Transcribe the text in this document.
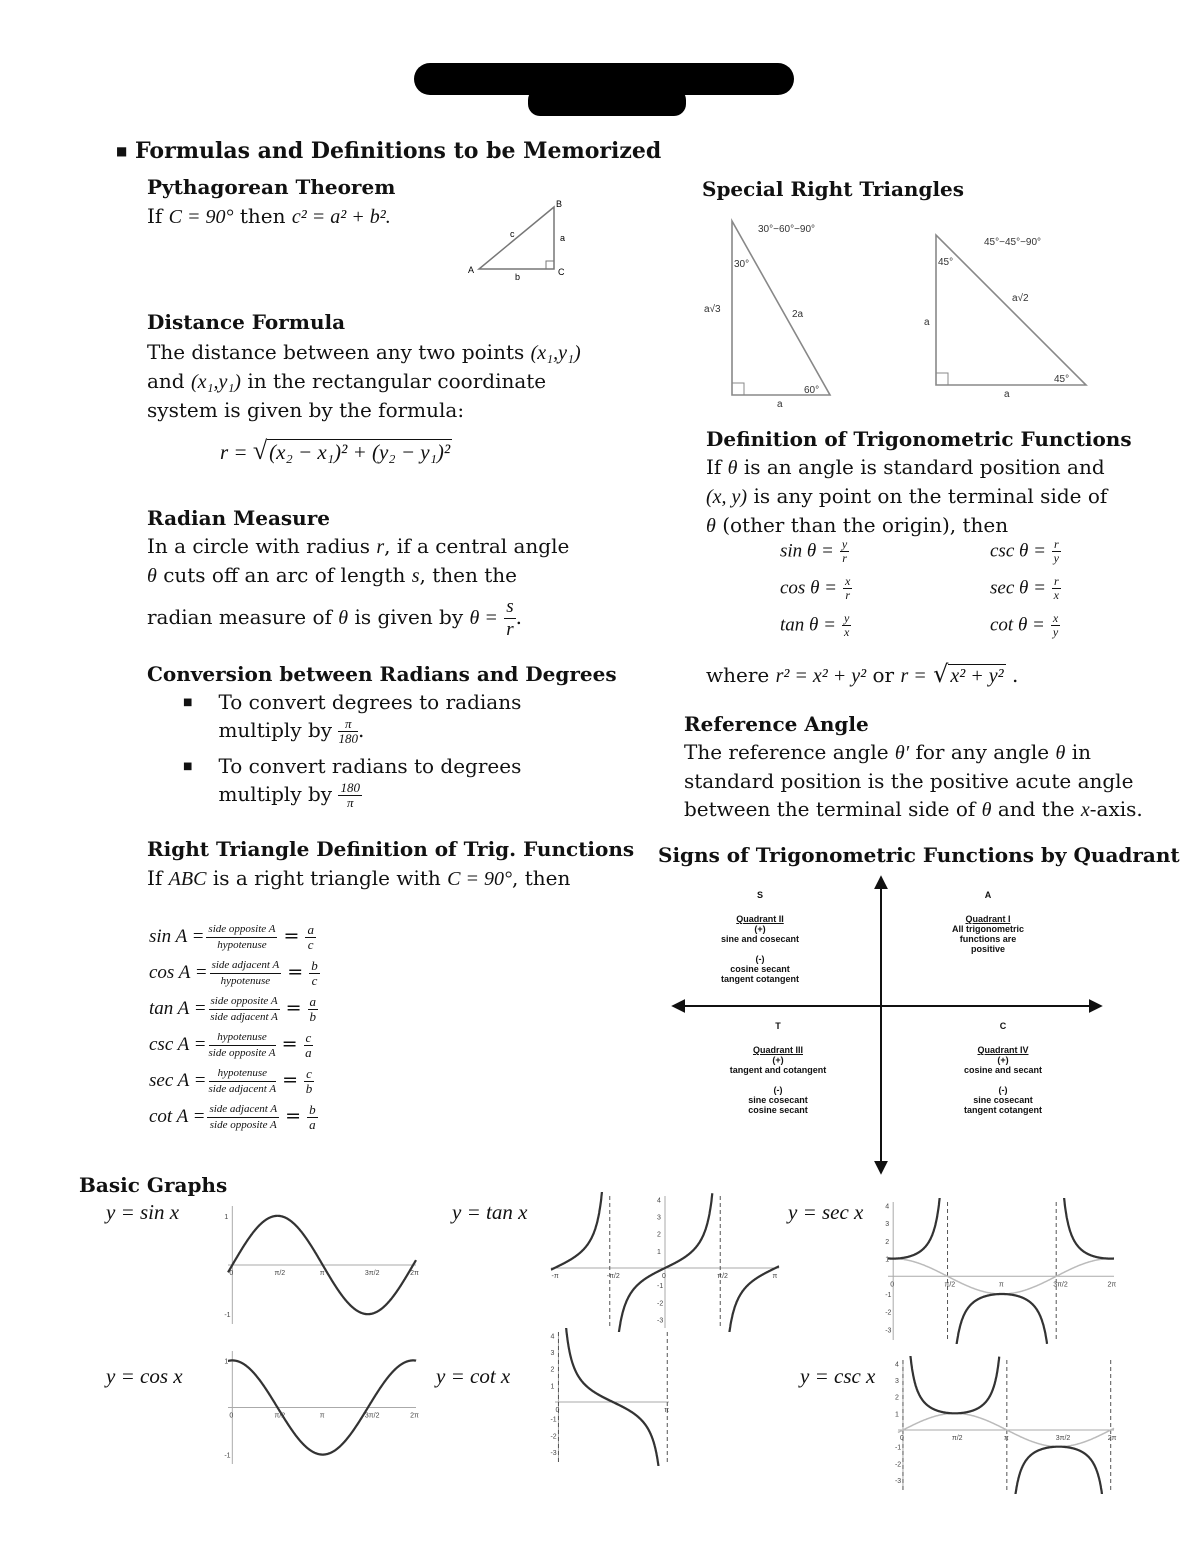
■ Formulas and Definitions to be Memorized
Pythagorean Theorem
If C = 90° then c² = a² + b².
A
B
C
a
b
c
Distance Formula
The distance between any two points (x₁,y₁)
and (x₁,y₁) in the rectangular coordinate
system is given by the formula:
r = √(x₂ − x₁)² + (y₂ − y₁)²
Radian Measure
In a circle with radius r, if a central angle
θ cuts off an arc of length s, then the
radian measure of θ is given by $\theta = \frac{s}{r}$ .
Conversion between Radians and Degrees
■ To convert degrees to radians
multiply by $\frac{\pi}{180}$ .
■ To convert radians to degrees
multiply by $\frac{180}{\pi}$
Right Triangle Definition of Trig. Functions
If ABC is a right triangle with C = 90°, then
$\sin A = \frac{\text{side opposite A}}{\text{hypotenuse}} = \frac{a}{c}$
$\cos A = \frac{\text{side adjacent A}}{\text{hypotenuse}} = \frac{b}{c}$
$\tan A = \frac{\text{side opposite A}}{\text{side adjacent A}} = \frac{a}{b}$
$\csc A = \frac{\text{hypotenuse}}{\text{side opposite A}} = \frac{c}{a}$
$\sec A = \frac{\text{hypotenuse}}{\text{side adjacent A}} = \frac{c}{b}$
$\cot A = \frac{\text{side adjacent A}}{\text{side opposite A}} = \frac{b}{a}$
Special Right Triangles
30°−60°−90°
30°
60°
a√3	2a
a
45°−45°−90°
45°
45°
a
a√2
a
Definition of Trigonometric Functions
If θ is an angle is standard position and
(x, y) is any point on the terminal side of
θ (other than the origin), then
$\sin \theta = \frac{y}{r}$	$\csc \theta = \frac{r}{y}$
$\cos \theta = \frac{x}{r}$	$\sec \theta = \frac{r}{x}$
$\tan \theta = \frac{y}{x}$	$\cot \theta = \frac{x}{y}$
where r² = x² + y² or r = √ x² + y² .
Reference Angle
The reference angle θ′ for any angle θ in
standard position is the positive acute angle
between the terminal side of θ and the x-axis.
Signs of Trigonometric Functions by Quadrant
S
Quadrant II
(+)
sine and cosecant
(-)
cosine secant
tangent cotangent
A
Quadrant I
All trigonometric
functions are
positive
T
Quadrant III
(+)
tangent and cotangent
(-)
sine cosecant
cosine secant
C
Quadrant IV
(+)
cosine and secant
(-)
sine cosecant
tangent cotangent
Basic Graphs
y = sin x	y = tan x	y = sec x
y = cos x	y = cot x	y = csc x
0	π/2	π	3π/2	2π
1
-1
0	π/2	π	3π/2	2π
1
-1
-π	-π/2	0	π/2	π
4
3
2
1
-1
-2
-3
0	π
4
3
2
1
-1
-2
-3
0	π/2	π	3π/2	2π
4
3
2
1
-1
-2
-3
0	π/2	π	3π/2	2π
4
3
2
1
-1
-2
-3
